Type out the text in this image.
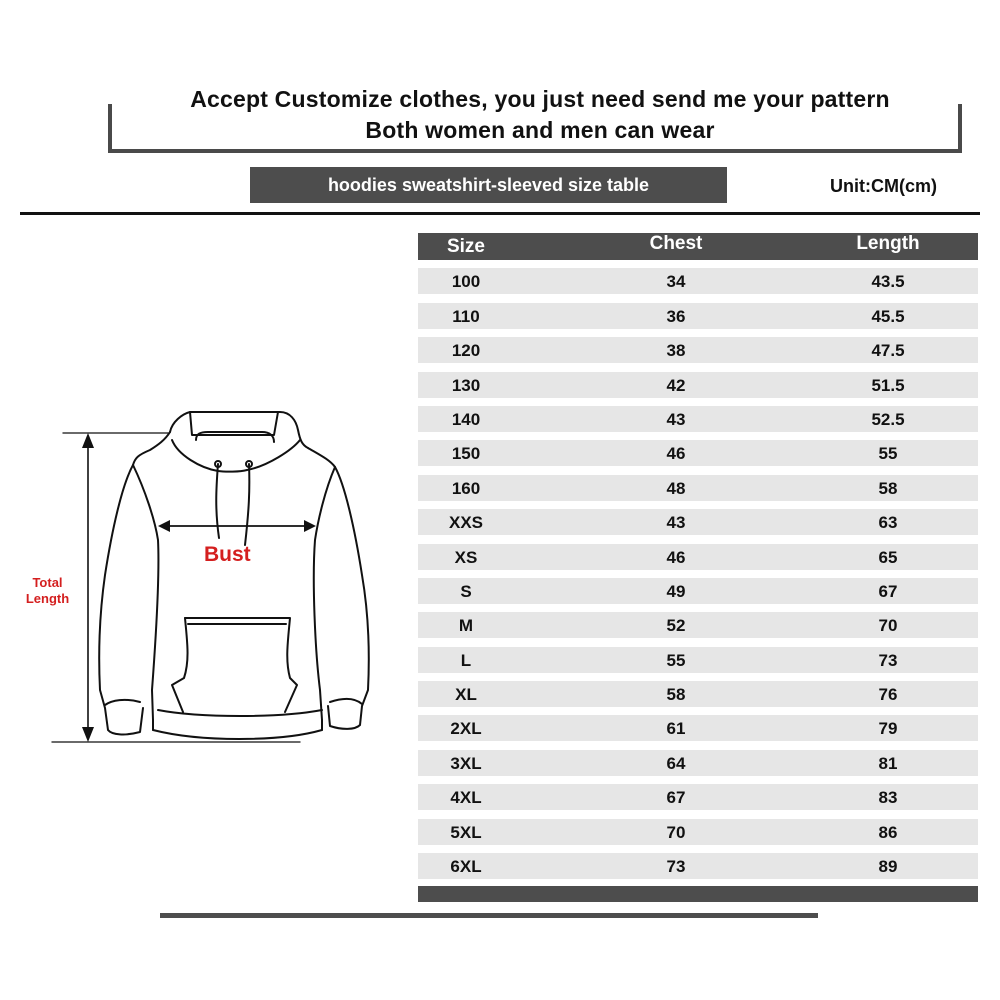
Accept Customize clothes, you just need send me your pattern
Both women and men can wear
hoodies sweatshirt-sleeved size table	Unit:CM(cm)
Bust
Total
Length
Size	Chest	Length
100	34	43.5
110	36	45.5
120	38	47.5
130	42	51.5
140	43	52.5
150	46	55
160	48	58
XXS	43	63
XS	46	65
S	49	67
M	52	70
L	55	73
XL	58	76
2XL	61	79
3XL	64	81
4XL	67	83
5XL	70	86
6XL	73	89
